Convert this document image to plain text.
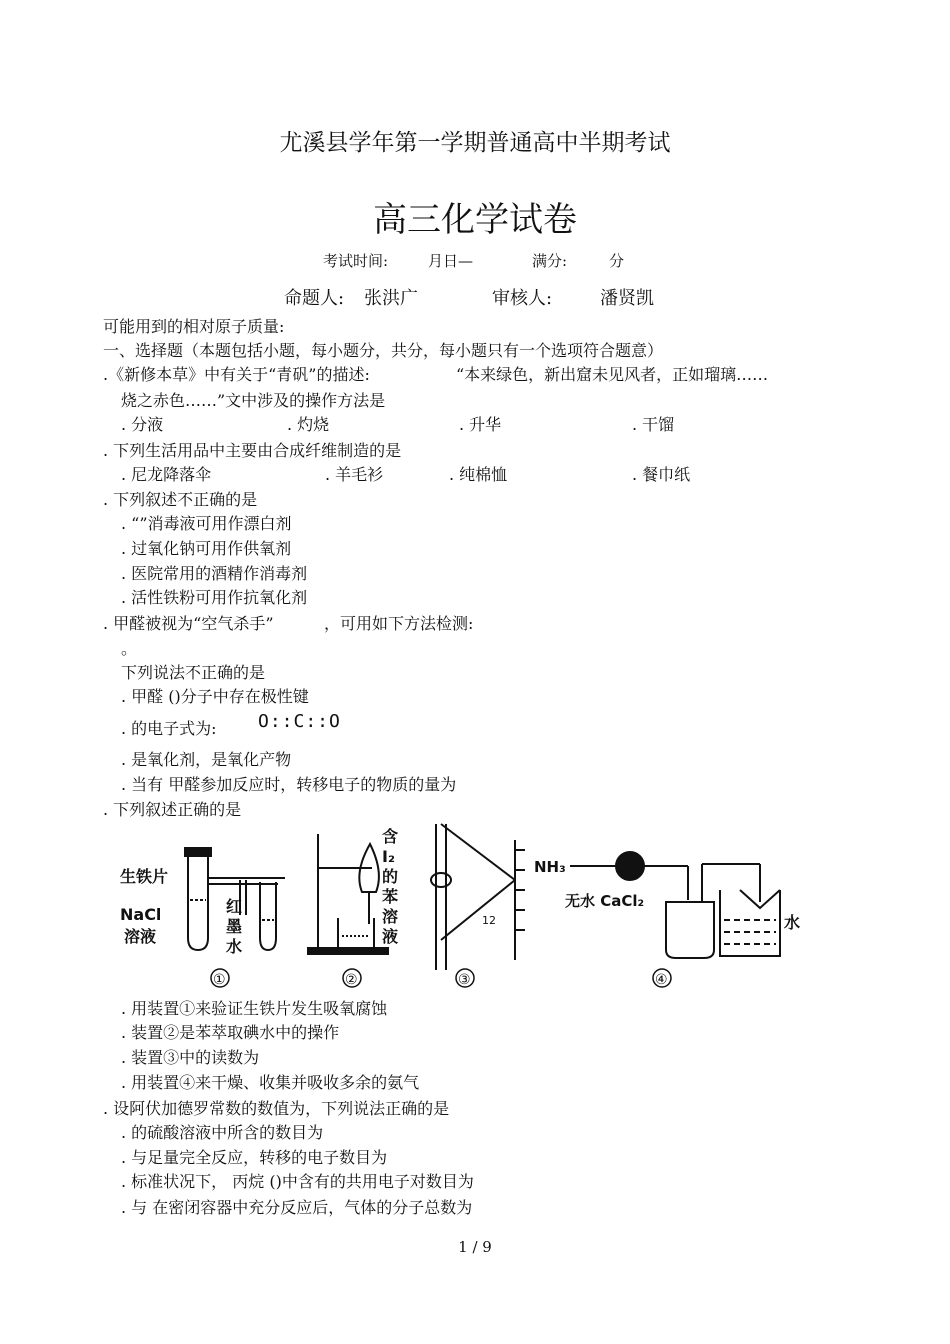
尤溪县学年第一学期普通高中半期考试
高三化学试卷
考试时间:	月日—	满分:	分
命题人: 张洪广	审核人:	潘贤凯
可能用到的相对原子质量:
一、选择题（本题包括小题，每小题分，共分，每小题只有一个选项符合题意）
.《新修本草》中有关于“青矾”的描述:	“本来绿色，新出窟未见风者，正如瑠璃……
烧之赤色……”文中涉及的操作方法是
. 分液	. 灼烧	. 升华	. 干馏
. 下列生活用品中主要由合成纤维制造的是
. 尼龙降落伞	. 羊毛衫	. 纯棉恤	. 餐巾纸
. 下列叙述不正确的是
. “”消毒液可用作漂白剂
. 过氧化钠可用作供氧剂
. 医院常用的酒精作消毒剂
. 活性铁粉可用作抗氧化剂
. 甲醛被视为“空气杀手”	，可用如下方法检测:
。
下列说法不正确的是
. 甲醛 ()分子中存在极性键
. 的电子式为: O::C::O
. 是氧化剂，是氧化产物
. 当有 甲醛参加反应时，转移电子的物质的量为
. 下列叙述正确的是
生铁片
NaCl
溶液
红
墨
水
①
含
I₂
的
苯
溶
液
②
12
③
NH₃
无水 CaCl₂
水
④
. 用装置①来验证生铁片发生吸氧腐蚀
. 装置②是苯萃取碘水中的操作
. 装置③中的读数为
. 用装置④来干燥、收集并吸收多余的氨气
. 设阿伏加德罗常数的数值为，下列说法正确的是
. 的硫酸溶液中所含的数目为
. 与足量完全反应，转移的电子数目为
. 标准状况下， 丙烷 ()中含有的共用电子对数目为
. 与 在密闭容器中充分反应后，气体的分子总数为
1 / 9
